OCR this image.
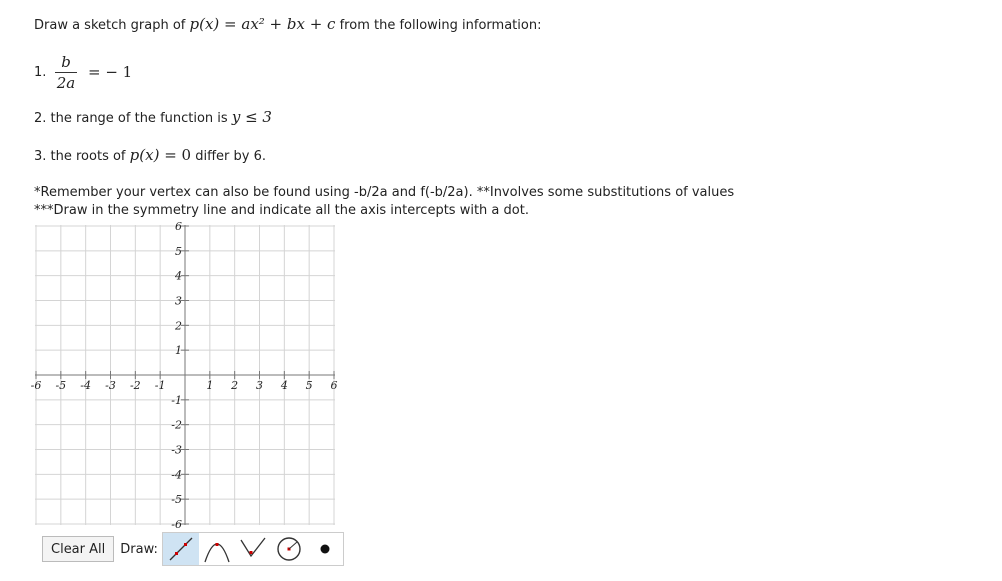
Draw a sketch graph of p(x) = ax² + bx + c from the following information:
1.
b
2a
= − 1
2. the range of the function is y ≤ 3
3. the roots of p(x) = 0 differ by 6.
*Remember your vertex can also be found using -b/2a and f(-b/2a). **Involves some substitutions of values
***Draw in the symmetry line and indicate all the axis intercepts with a dot.
-6 -5 -4 -3 -2 -1	1 2 3 4 5 6
6
5
4
3
2
1
-1
-2
-3
-4
-5
-6
Clear All	Draw:
